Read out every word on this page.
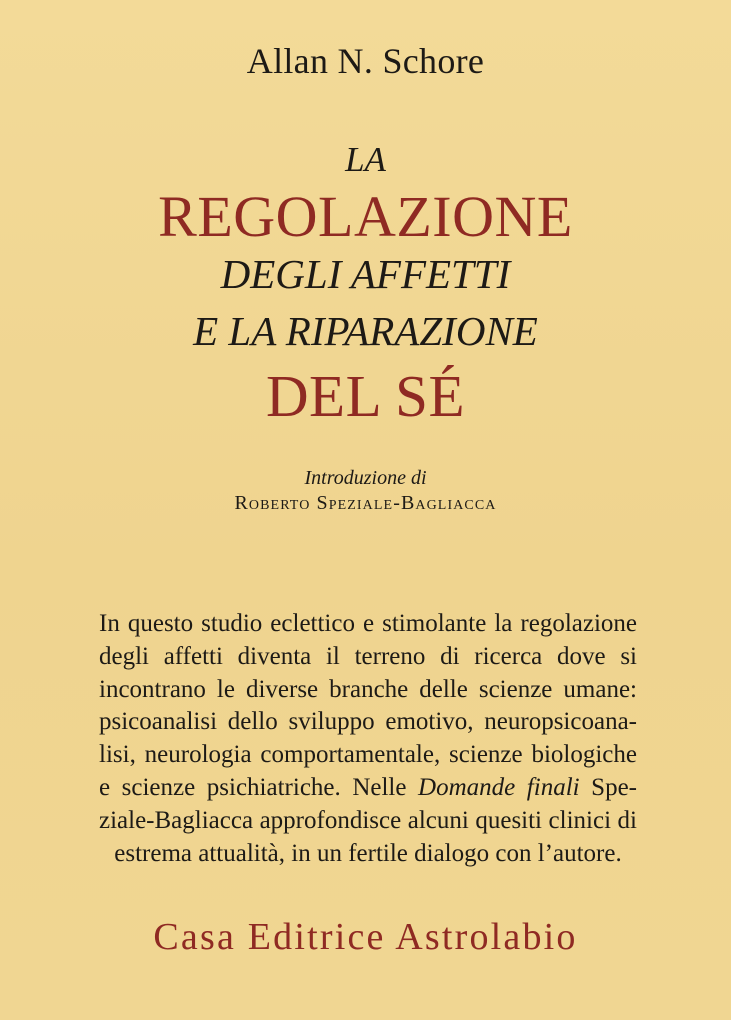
Allan N. Schore
LA
REGOLAZIONE
DEGLI AFFETTI
E LA RIPARAZIONE
DEL SÉ
Introduzione di
Roberto Speziale-Bagliacca
In questo studio eclettico e stimolante la regolazione
degli affetti diventa il terreno di ricerca dove si
incontrano le diverse branche delle scienze umane:
psicoanalisi dello sviluppo emotivo, neuropsicoana-
lisi, neurologia comportamentale, scienze biologiche
e scienze psichiatriche. Nelle Domande finali Spe-
ziale-Bagliacca approfondisce alcuni quesiti clinici di
estrema attualità, in un fertile dialogo con l’autore.
Casa Editrice Astrolabio
